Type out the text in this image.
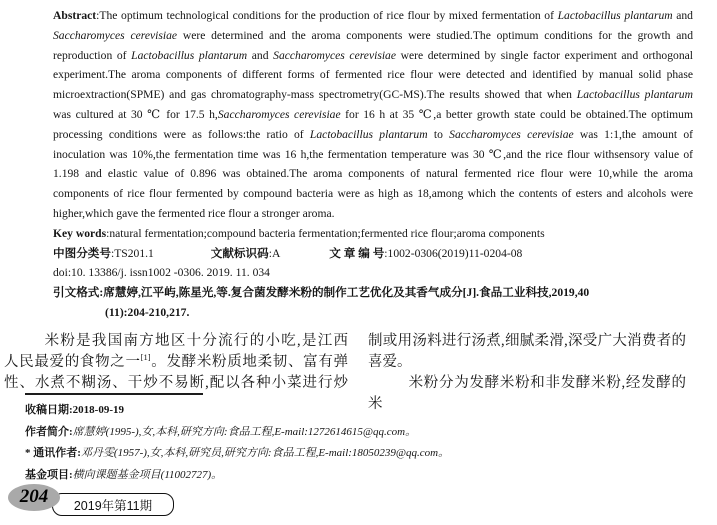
Abstract:The optimum technological conditions for the production of rice flour by mixed fermentation of Lactobacillus plantarum and Saccharomyces cerevisiae were determined and the aroma components were studied.The optimum conditions for the growth and reproduction of Lactobacillus plantarum and Saccharomyces cerevisiae were determined by single factor experiment and orthogonal experiment.The aroma components of different forms of fermented rice flour were detected and identified by manual solid phase microextraction(SPME) and gas chromatography-mass spectrometry(GC-MS).The results showed that when Lactobacillus plantarum was cultured at 30 ℃ for 17.5 h,Saccharomyces cerevisiae for 16 h at 35 ℃,a better growth state could be obtained.The optimum processing conditions were as follows:the ratio of Lactobacillus plantarum to Saccharomyces cerevisiae was 1:1,the amount of inoculation was 10%,the fermentation time was 16 h,the fermentation temperature was 30 ℃,and the rice flour withsensory value of 1.198 and elastic value of 0.896 was obtained.The aroma components of natural fermented rice flour were 10,while the aroma components of rice flour fermented by compound bacteria were as high as 18,among which the contents of esters and alcohols were higher,which gave the fermented rice flour a stronger aroma.

Key words:natural fermentation;compound bacteria fermentation;fermented rice flour;aroma components

中图分类号:TS201.1	文献标识码:A	文 章 编 号:1002-0306(2019)11-0204-08

doi:10. 13386/j. issn1002 -0306. 2019. 11. 034

引文格式:席慧婷,江平屿,陈星光,等.复合菌发酵米粉的制作工艺优化及其香气成分[J].食品工业科技,2019,40

(11):204-210,217.

米粉是我国南方地区十分流行的小吃,是江西
人民最爱的食物之一[1]。发酵米粉质地柔韧、富有弹
性、水煮不糊汤、干炒不易断,配以各种小菜进行炒
制或用汤料进行汤煮,细腻柔滑,深受广大消费者的
喜爱。
米粉分为发酵米粉和非发酵米粉,经发酵的米
收稿日期:2018-09-19
作者简介:席慧婷(1995-),女,本科,研究方向:食品工程,E-mail:1272614615@qq.com。
* 通讯作者:邓丹雯(1957-),女,本科,研究员,研究方向:食品工程,E-mail:18050239@qq.com。
基金项目:横向课题基金项目(11002727)。
204 2019年第11期
